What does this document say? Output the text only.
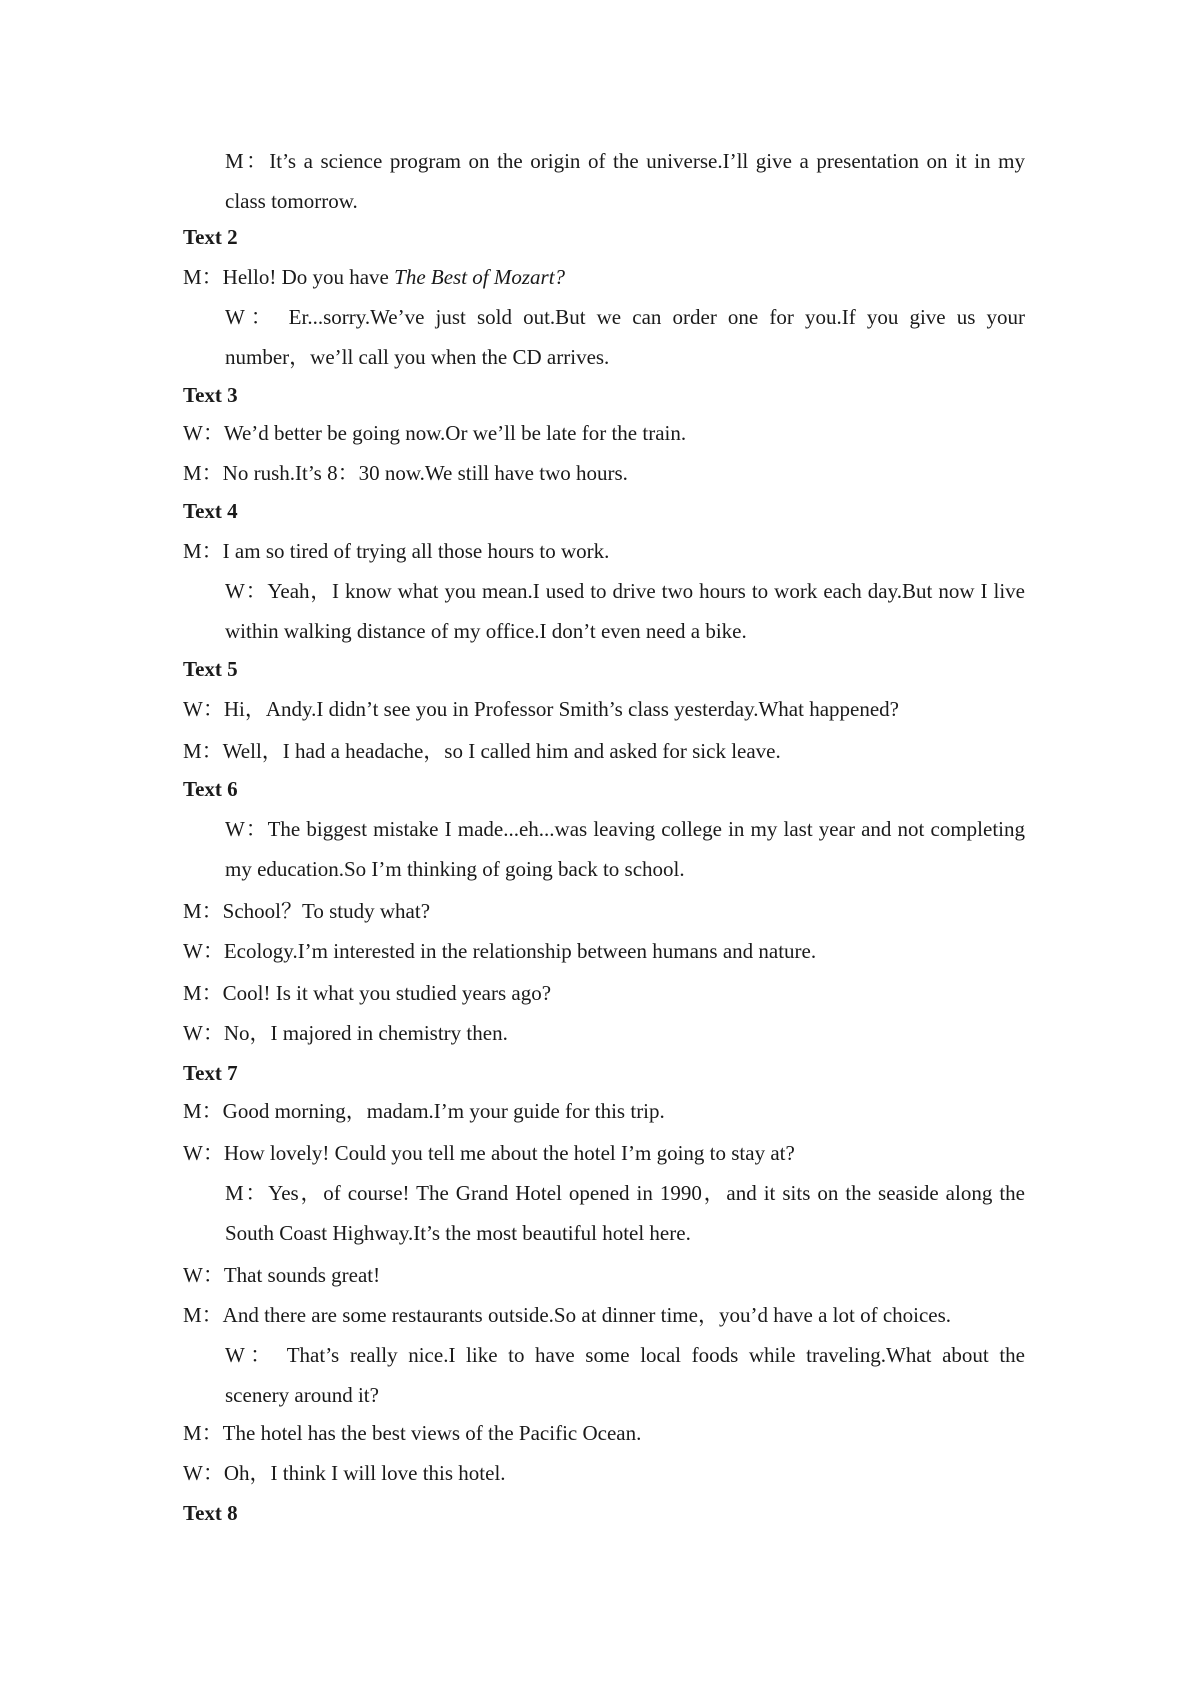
M：It’s a science program on the origin of the universe.I’ll give a presentation on it in my
class tomorrow.
Text 2
M：Hello! Do you have The Best of Mozart?
W： Er...sorry.We’ve just sold out.But we can order one for you.If you give us your
number，we’ll call you when the CD arrives.
Text 3
W：We’d better be going now.Or we’ll be late for the train.
M：No rush.It’s 8：30 now.We still have two hours.
Text 4
M：I am so tired of trying all those hours to work.
W：Yeah，I know what you mean.I used to drive two hours to work each day.But now I live
within walking distance of my office.I don’t even need a bike.
Text 5
W：Hi，Andy.I didn’t see you in Professor Smith’s class yesterday.What happened?
M：Well，I had a headache，so I called him and asked for sick leave.
Text 6
W：The biggest mistake I made...eh...was leaving college in my last year and not completing
my education.So I’m thinking of going back to school.
M：School？To study what?
W：Ecology.I’m interested in the relationship between humans and nature.
M：Cool! Is it what you studied years ago?
W：No，I majored in chemistry then.
Text 7
M：Good morning，madam.I’m your guide for this trip.
W：How lovely! Could you tell me about the hotel I’m going to stay at?
M：Yes，of course! The Grand Hotel opened in 1990，and it sits on the seaside along the
South Coast Highway.It’s the most beautiful hotel here.
W：That sounds great!
M：And there are some restaurants outside.So at dinner time，you’d have a lot of choices.
W： That’s really nice.I like to have some local foods while traveling.What about the
scenery around it?
M：The hotel has the best views of the Pacific Ocean.
W：Oh，I think I will love this hotel.
Text 8
